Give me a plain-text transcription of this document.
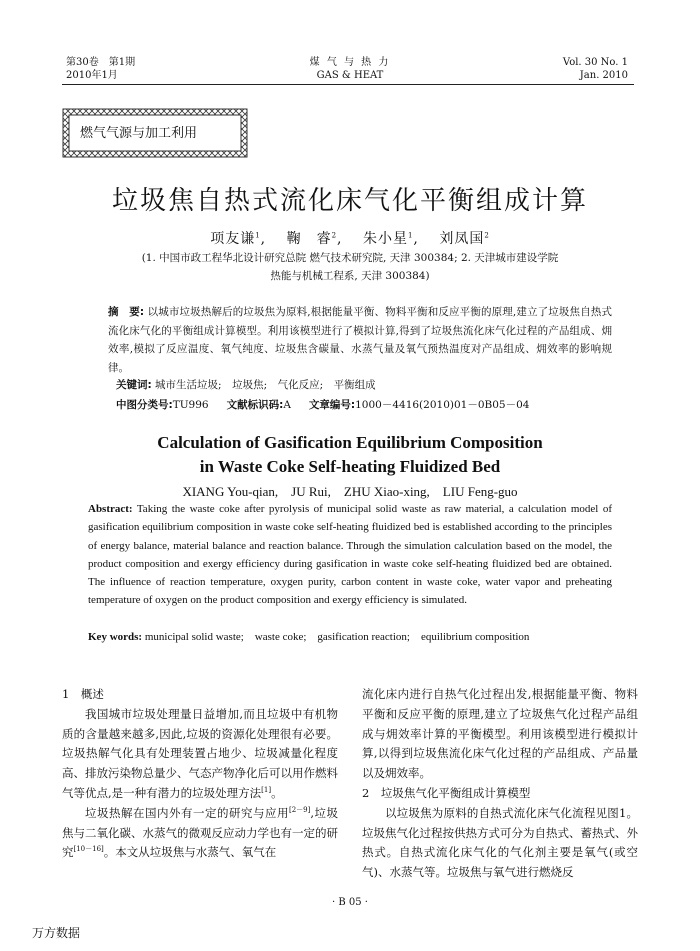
第30卷　第1期
2010年1月
煤 气 与 热 力
GAS & HEAT
Vol. 30 No. 1
Jan. 2010
燃气气源与加工利用
垃圾焦自热式流化床气化平衡组成计算
项友谦$^1$,　 鞠　睿$^2$,　 朱小星$^1$,　 刘凤国$^2$
(1. 中国市政工程华北设计研究总院 燃气技术研究院, 天津 300384; 2. 天津城市建设学院
热能与机械工程系, 天津 300384)
摘　要: 以城市垃圾热解后的垃圾焦为原料,根据能量平衡、物料平衡和反应平衡的原理,建立了垃圾焦自热式流化床气化的平衡组成计算模型。利用该模型进行了模拟计算,得到了垃圾焦流化床气化过程的产品组成、㶲效率,模拟了反应温度、氧气纯度、垃圾焦含碳量、水蒸气量及氧气预热温度对产品组成、㶲效率的影响规律。
关键词: 城市生活垃圾;　垃圾焦;　气化反应;　平衡组成
中图分类号:TU996 文献标识码:A 文章编号:1000－4416(2010)01－0B05－04
Calculation of Gasification Equilibrium Composition
in Waste Coke Self-heating Fluidized Bed
XIANG You-qian,　JU Rui,　ZHU Xiao-xing,　LIU Feng-guo
Abstract: Taking the waste coke after pyrolysis of municipal solid waste as raw material, a calculation model of gasification equilibrium composition in waste coke self-heating fluidized bed is established according to the principles of energy balance, material balance and reaction balance. Through the simulation calculation based on the model, the product composition and exergy efficiency during gasification in waste coke self-heating fluidized bed are obtained. The influence of reaction temperature, oxygen purity, carbon content in waste coke, water vapor and preheating temperature of oxygen on the product composition and exergy efficiency is simulated.
Key words: municipal solid waste;　waste coke;　gasification reaction;　equilibrium composition

1　概述

我国城市垃圾处理量日益增加,而且垃圾中有机物质的含量越来越多,因此,垃圾的资源化处理很有必要。垃圾热解气化具有处理装置占地少、垃圾减量化程度高、排放污染物总量少、气态产物净化后可以用作燃料气等优点,是一种有潜力的垃圾处理方法[1]。

垃圾热解在国内外有一定的研究与应用[2－9],垃圾焦与二氧化碳、水蒸气的微观反应动力学也有一定的研究[10－16]。本文从垃圾焦与水蒸气、氧气在

流化床内进行自热气化过程出发,根据能量平衡、物料平衡和反应平衡的原理,建立了垃圾焦气化过程产品组成与㶲效率计算的平衡模型。利用该模型进行模拟计算,以得到垃圾焦流化床气化过程的产品组成、产品量以及㶲效率。

2　垃圾焦气化平衡组成计算模型

以垃圾焦为原料的自热式流化床气化流程见图1。垃圾焦气化过程按供热方式可分为自热式、蓄热式、外热式。自热式流化床气化的气化剂主要是氧气(或空气)、水蒸气等。垃圾焦与氧气进行燃烧反

· B 05 ·
万方数据
